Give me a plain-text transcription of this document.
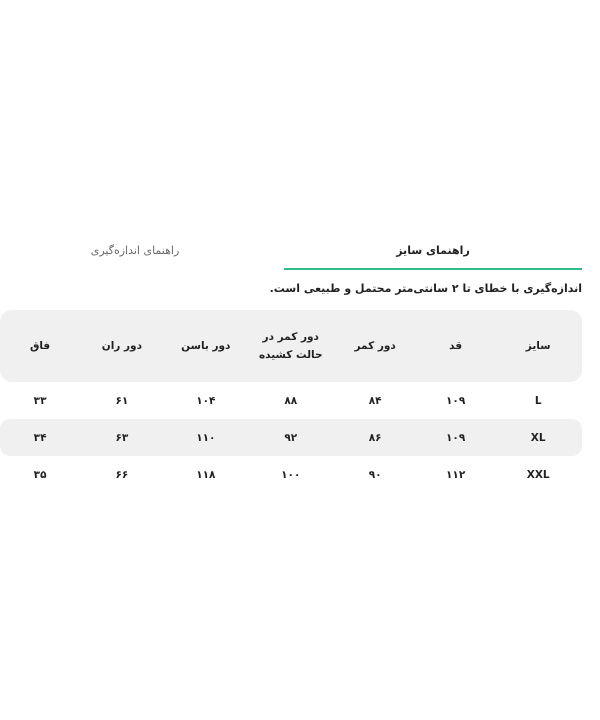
راهنمای سایز
راهنمای اندازه‌گیری
اندازه‌گیری با خطای تا ۲ سانتی‌متر محتمل و طبیعی است.
سایز	قد	دور کمر	دور کمر در حالت کشیده	دور باسن	دور ران	فاق
L	۱۰۹	۸۴	۸۸	۱۰۴	۶۱	۳۳
XL	۱۰۹	۸۶	۹۲	۱۱۰	۶۳	۳۴
XXL	۱۱۲	۹۰	۱۰۰	۱۱۸	۶۶	۳۵
